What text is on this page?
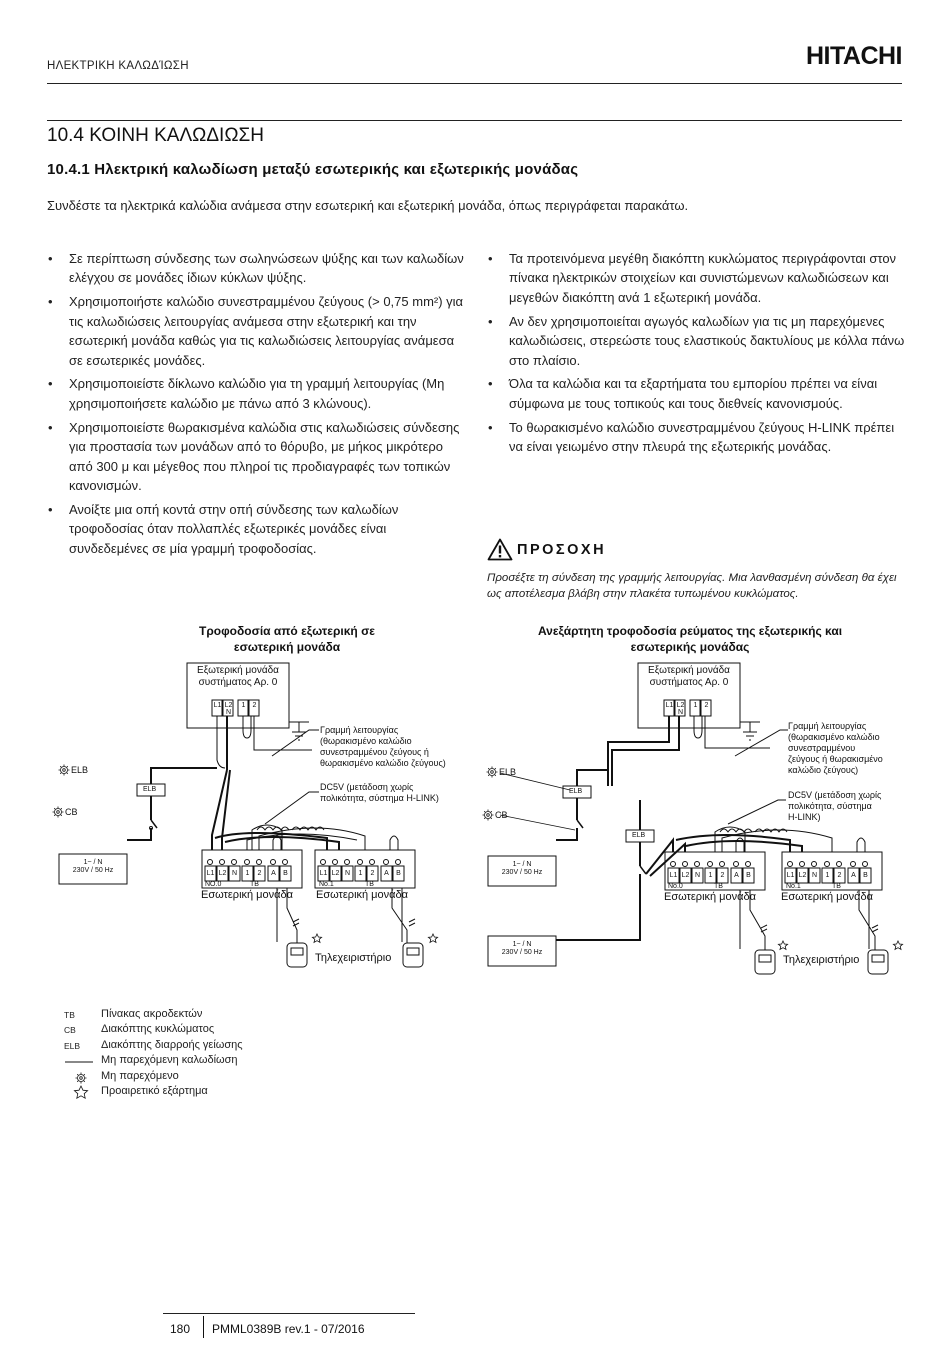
ΗΛΕΚΤΡΙΚΗ ΚΑΛΩΔΊΩΣΗ	HITACHI
10.4 ΚΟΙΝΗ ΚΑΛΩΔΙΩΣΗ
10.4.1 Ηλεκτρική καλωδίωση μεταξύ εσωτερικής και εξωτερικής μονάδας
Συνδέστε τα ηλεκτρικά καλώδια ανάμεσα στην εσωτερική και εξωτερική μονάδα, όπως περιγράφεται παρακάτω.
• Σε περίπτωση σύνδεσης των σωληνώσεων ψύξης και των καλωδίων ελέγχου σε μονάδες ίδιων κύκλων ψύξης.
• Χρησιμοποιήστε καλώδιο συνεστραμμένου ζεύγους (> 0,75 mm²) για τις καλωδιώσεις λειτουργίας ανάμεσα στην εξωτερική και την εσωτερική μονάδα καθώς για τις καλωδιώσεις λειτουργίας ανάμεσα σε εσωτερικές μονάδες.
• Χρησιμοποιείστε δίκλωνο καλώδιο για τη γραμμή λειτουργίας (Μη χρησιμοποιήσετε καλώδιο με πάνω από 3 κλώνους).
• Χρησιμοποιείστε θωρακισμένα καλώδια στις καλωδιώσεις σύνδεσης για προστασία των μονάδων από το θόρυβο, με μήκος μικρότερο από 300 μ και μέγεθος που πληροί τις προδιαγραφές των τοπικών κανονισμών.
• Ανοίξτε μια οπή κοντά στην οπή σύνδεσης των καλωδίων τροφοδοσίας όταν πολλαπλές εξωτερικές μονάδες είναι συνδεδεμένες σε μία γραμμή τροφοδοσίας.
• Τα προτεινόμενα μεγέθη διακόπτη κυκλώματος περιγράφονται στον πίνακα ηλεκτρικών στοιχείων και συνιστώμενων καλωδιώσεων και μεγεθών διακόπτη ανά 1 εξωτερική μονάδα.
• Αν δεν χρησιμοποιείται αγωγός καλωδίων για τις μη παρεχόμενες καλωδιώσεις, στερεώστε τους ελαστικούς δακτυλίους με κόλλα πάνω στο πλαίσιο.
• Όλα τα καλώδια και τα εξαρτήματα του εμπορίου πρέπει να είναι σύμφωνα με τους τοπικούς και τους διεθνείς κανονισμούς.
• Το θωρακισμένο καλώδιο συνεστραμμένου ζεύγους H-LINK πρέπει να είναι γειωμένο στην πλευρά της εξωτερικής μονάδας.
ΠΡΟΣΟΧΗ
Προσέξτε τη σύνδεση της γραμμής λειτουργίας. Μια λανθασμένη σύνδεση θα έχει ως αποτέλεσμα βλάβη στην πλακέτα τυπωμένου κυκλώματος.
Τροφοδοσία από εξωτερική σε
εσωτερική μονάδα
Ανεξάρτητη τροφοδοσία ρεύματος της εξωτερικής και
εσωτερικής μονάδας
Εξωτερική μονάδα
συστήματος Αρ. 0
L1 L2
N
1	2
ELB
CB
ELB
1~ / N
230V / 50 Hz
Γραμμή λειτουργίας
(θωρακισμένο καλώδιο
συνεστραμμένου ζεύγους ή
θωρακισμένο καλώδιο ζεύγους)
DC5V (μετάδοση χωρίς
πολικότητα, σύστημα H-LINK)
L1 L2 N	1	2	A	B	L1 L2 N	1	2	A	B
NO.0	TB	No.1	TB
Εσωτερική μονάδα Εσωτερική μονάδα
Τηλεχειριστήριο
Εξωτερική μονάδα
συστήματος Αρ. 0
L1 L2
N
1	2
ELB
CB
ELB
ELB
1~ / N
230V / 50 Hz
1~ / N
230V / 50 Hz
Γραμμή λειτουργίας
(θωρακισμένο καλώδιο
συνεστραμμένου
ζεύγους ή θωρακισμένο
καλώδιο ζεύγους)
DC5V (μετάδοση χωρίς
πολικότητα, σύστημα
H-LINK)
L1 L2 N	1	2	A	B	L1 L2 N	1	2	A	B
No.0	TB	No.1	TB
Εσωτερική μονάδα Εσωτερική μονάδα
Τηλεχειριστήριο
TB	Πίνακας ακροδεκτών
CB	Διακόπτης κυκλώματος
ELB	Διακόπτης διαρροής γείωσης
Μη παρεχόμενη καλωδίωση
Μη παρεχόμενο
Προαιρετικό εξάρτημα
180 PMML0389B rev.1 - 07/2016
